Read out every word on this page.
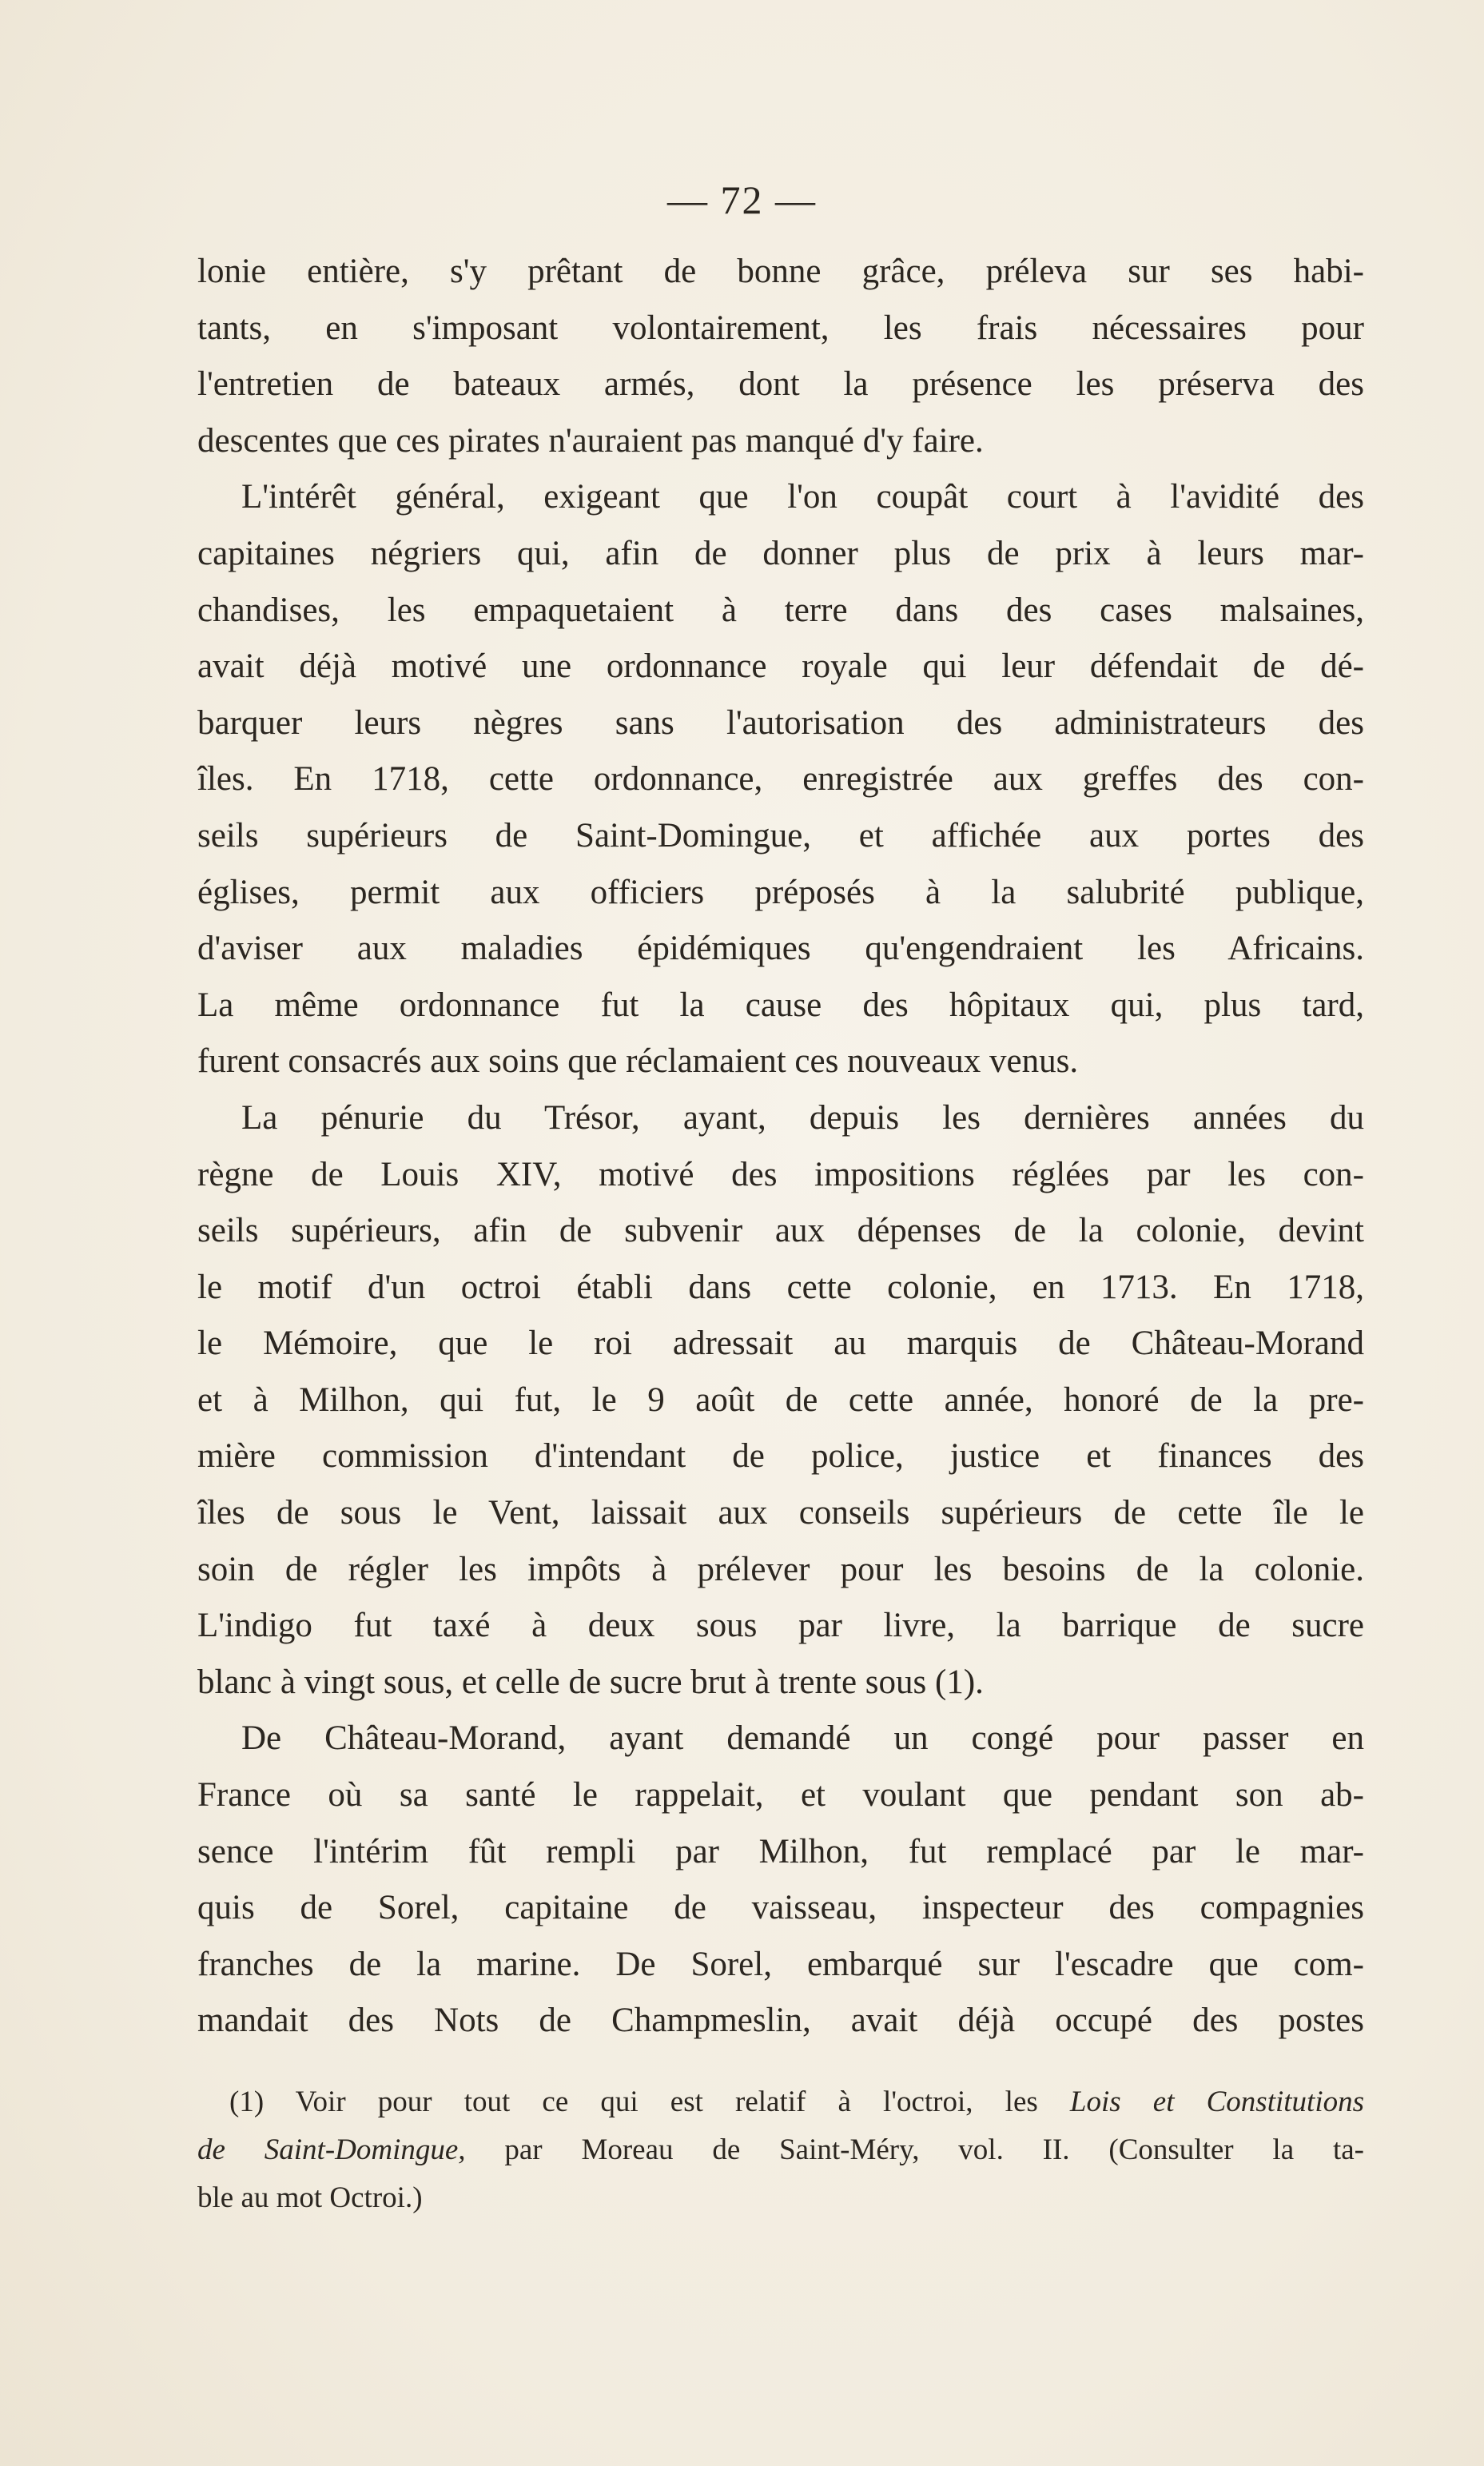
— 72 —
lonie entière, s'y prêtant de bonne grâce, préleva sur ses habi-
tants, en s'imposant volontairement, les frais nécessaires pour
l'entretien de bateaux armés, dont la présence les préserva des
descentes que ces pirates n'auraient pas manqué d'y faire.
L'intérêt général, exigeant que l'on coupât court à l'avidité des
capitaines négriers qui, afin de donner plus de prix à leurs mar-
chandises, les empaquetaient à terre dans des cases malsaines,
avait déjà motivé une ordonnance royale qui leur défendait de dé-
barquer leurs nègres sans l'autorisation des administrateurs des
îles. En 1718, cette ordonnance, enregistrée aux greffes des con-
seils supérieurs de Saint-Domingue, et affichée aux portes des
églises, permit aux officiers préposés à la salubrité publique,
d'aviser aux maladies épidémiques qu'engendraient les Africains.
La même ordonnance fut la cause des hôpitaux qui, plus tard,
furent consacrés aux soins que réclamaient ces nouveaux venus.
La pénurie du Trésor, ayant, depuis les dernières années du
règne de Louis XIV, motivé des impositions réglées par les con-
seils supérieurs, afin de subvenir aux dépenses de la colonie, devint
le motif d'un octroi établi dans cette colonie, en 1713. En 1718,
le Mémoire, que le roi adressait au marquis de Château-Morand
et à Milhon, qui fut, le 9 août de cette année, honoré de la pre-
mière commission d'intendant de police, justice et finances des
îles de sous le Vent, laissait aux conseils supérieurs de cette île le
soin de régler les impôts à prélever pour les besoins de la colonie.
L'indigo fut taxé à deux sous par livre, la barrique de sucre
blanc à vingt sous, et celle de sucre brut à trente sous (1).
De Château-Morand, ayant demandé un congé pour passer en
France où sa santé le rappelait, et voulant que pendant son ab-
sence l'intérim fût rempli par Milhon, fut remplacé par le mar-
quis de Sorel, capitaine de vaisseau, inspecteur des compagnies
franches de la marine. De Sorel, embarqué sur l'escadre que com-
mandait des Nots de Champmeslin, avait déjà occupé des postes
(1) Voir pour tout ce qui est relatif à l'octroi, les Lois et Constitutions
de Saint-Domingue, par Moreau de Saint-Méry, vol. II. (Consulter la ta-
ble au mot Octroi.)
